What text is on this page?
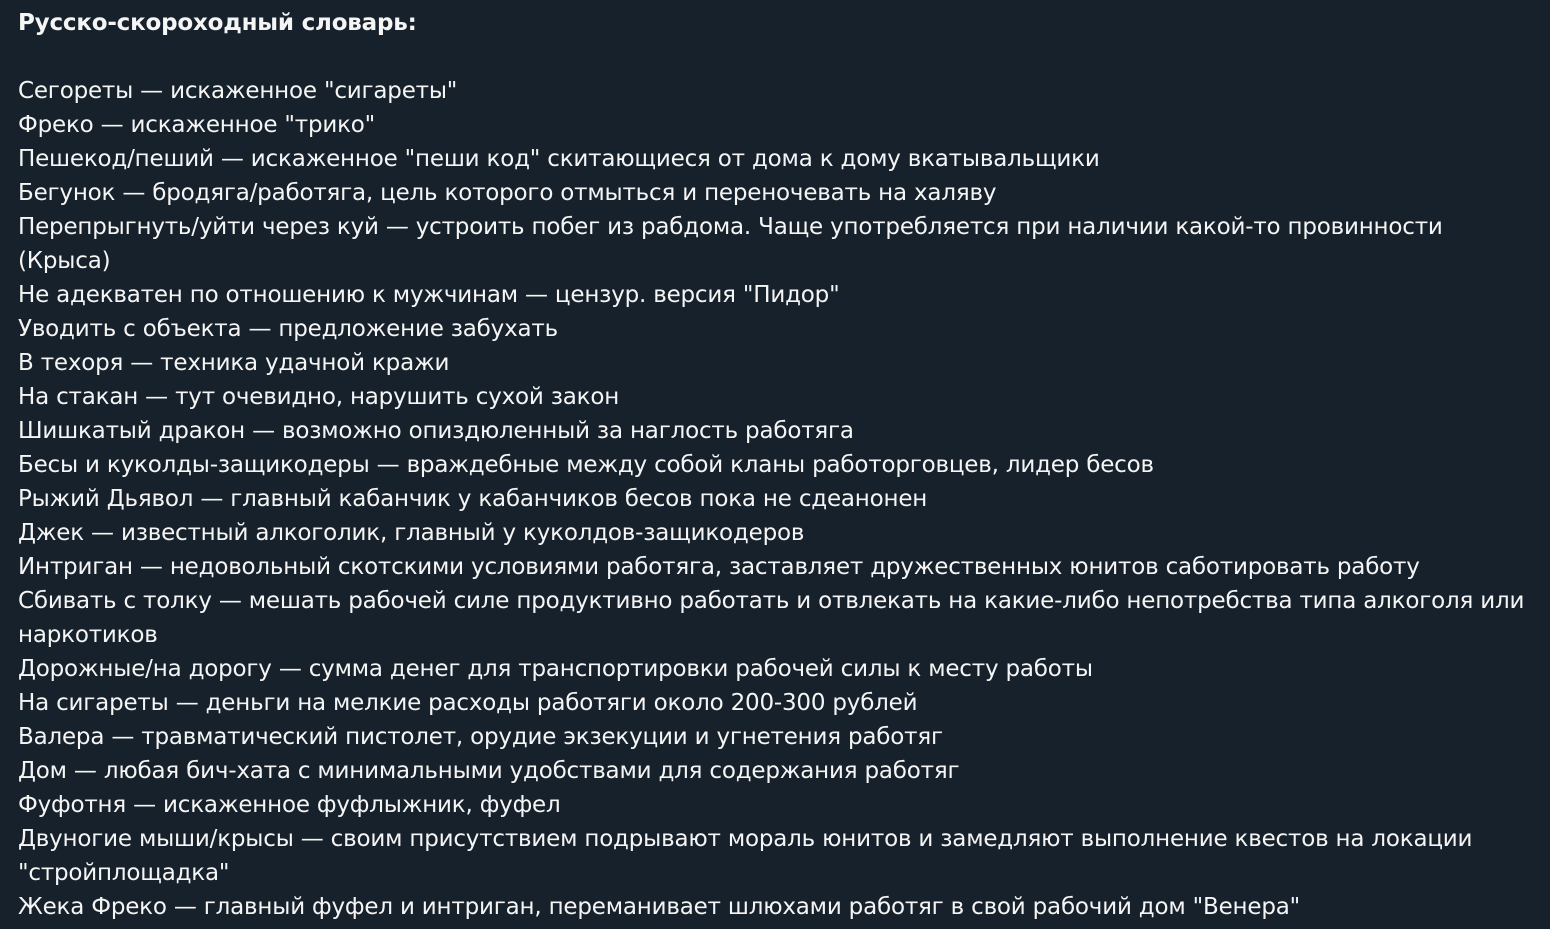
Русско-скороходный словарь:
Сегореты — искаженное "сигареты"
Фреко — искаженное "трико"
Пешекод/пеший — искаженное "пеши код" скитающиеся от дома к дому вкатывальщики
Бегунок — бродяга/работяга, цель которого отмыться и переночевать на халяву
Перепрыгнуть/уйти через куй — устроить побег из рабдома. Чаще употребляется при наличии какой-то провинности (Крыса)
Не адекватен по отношению к мужчинам — цензур. версия "Пидор"
Уводить с объекта — предложение забухать
В техоря — техника удачной кражи
На стакан — тут очевидно, нарушить сухой закон
Шишкатый дракон — возможно опиздюленный за наглость работяга
Бесы и куколды-защикодеры — враждебные между собой кланы работорговцев, лидер бесов
Рыжий Дьявол — главный кабанчик у кабанчиков бесов пока не сдеанонен
Джек — известный алкоголик, главный у куколдов-защикодеров
Интриган — недовольный скотскими условиями работяга, заставляет дружественных юнитов саботировать работу
Сбивать с толку — мешать рабочей силе продуктивно работать и отвлекать на какие-либо непотребства типа алкоголя или наркотиков
Дорожные/на дорогу — сумма денег для транспортировки рабочей силы к месту работы
На сигареты — деньги на мелкие расходы работяги около 200-300 рублей
Валера — травматический пистолет, орудие экзекуции и угнетения работяг
Дом — любая бич-хата с минимальными удобствами для содержания работяг
Фуфотня — искаженное фуфлыжник, фуфел
Двуногие мыши/крысы — своим присутствием подрывают мораль юнитов и замедляют выполнение квестов на локации "стройплощадка"
Жека Фреко — главный фуфел и интриган, переманивает шлюхами работяг в свой рабочий дом "Венера"
